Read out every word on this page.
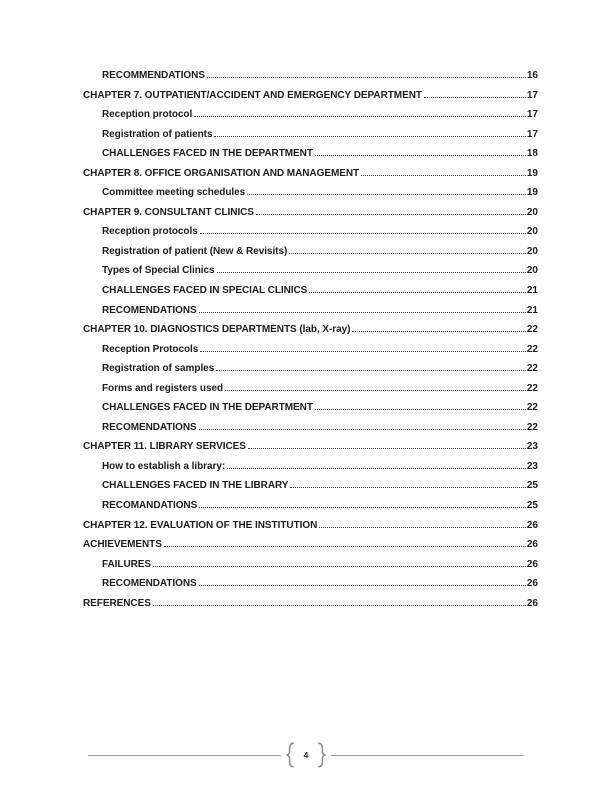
RECOMMENDATIONS	16
CHAPTER 7. OUTPATIENT/ACCIDENT AND EMERGENCY DEPARTMENT	17
Reception protocol	17
Registration of patients	17
CHALLENGES FACED IN THE DEPARTMENT	18
CHAPTER 8. OFFICE ORGANISATION AND MANAGEMENT	19
Committee meeting schedules	19
CHAPTER 9. CONSULTANT CLINICS	20
Reception protocols	20
Registration of patient (New & Revisits)	20
Types of Special Clinics	20
CHALLENGES FACED IN SPECIAL CLINICS	21
RECOMENDATIONS	21
CHAPTER 10. DIAGNOSTICS DEPARTMENTS (lab, X-ray)	22
Reception Protocols	22
Registration of samples	22
Forms and registers used	22
CHALLENGES FACED IN THE DEPARTMENT	22
RECOMENDATIONS	22
CHAPTER 11. LIBRARY SERVICES	23
How to establish a library:	23
CHALLENGES FACED IN THE LIBRARY	25
RECOMANDATIONS	25
CHAPTER 12. EVALUATION OF THE INSTITUTION	26
ACHIEVEMENTS	26
FAILURES	26
RECOMENDATIONS	26
REFERENCES	26
4
